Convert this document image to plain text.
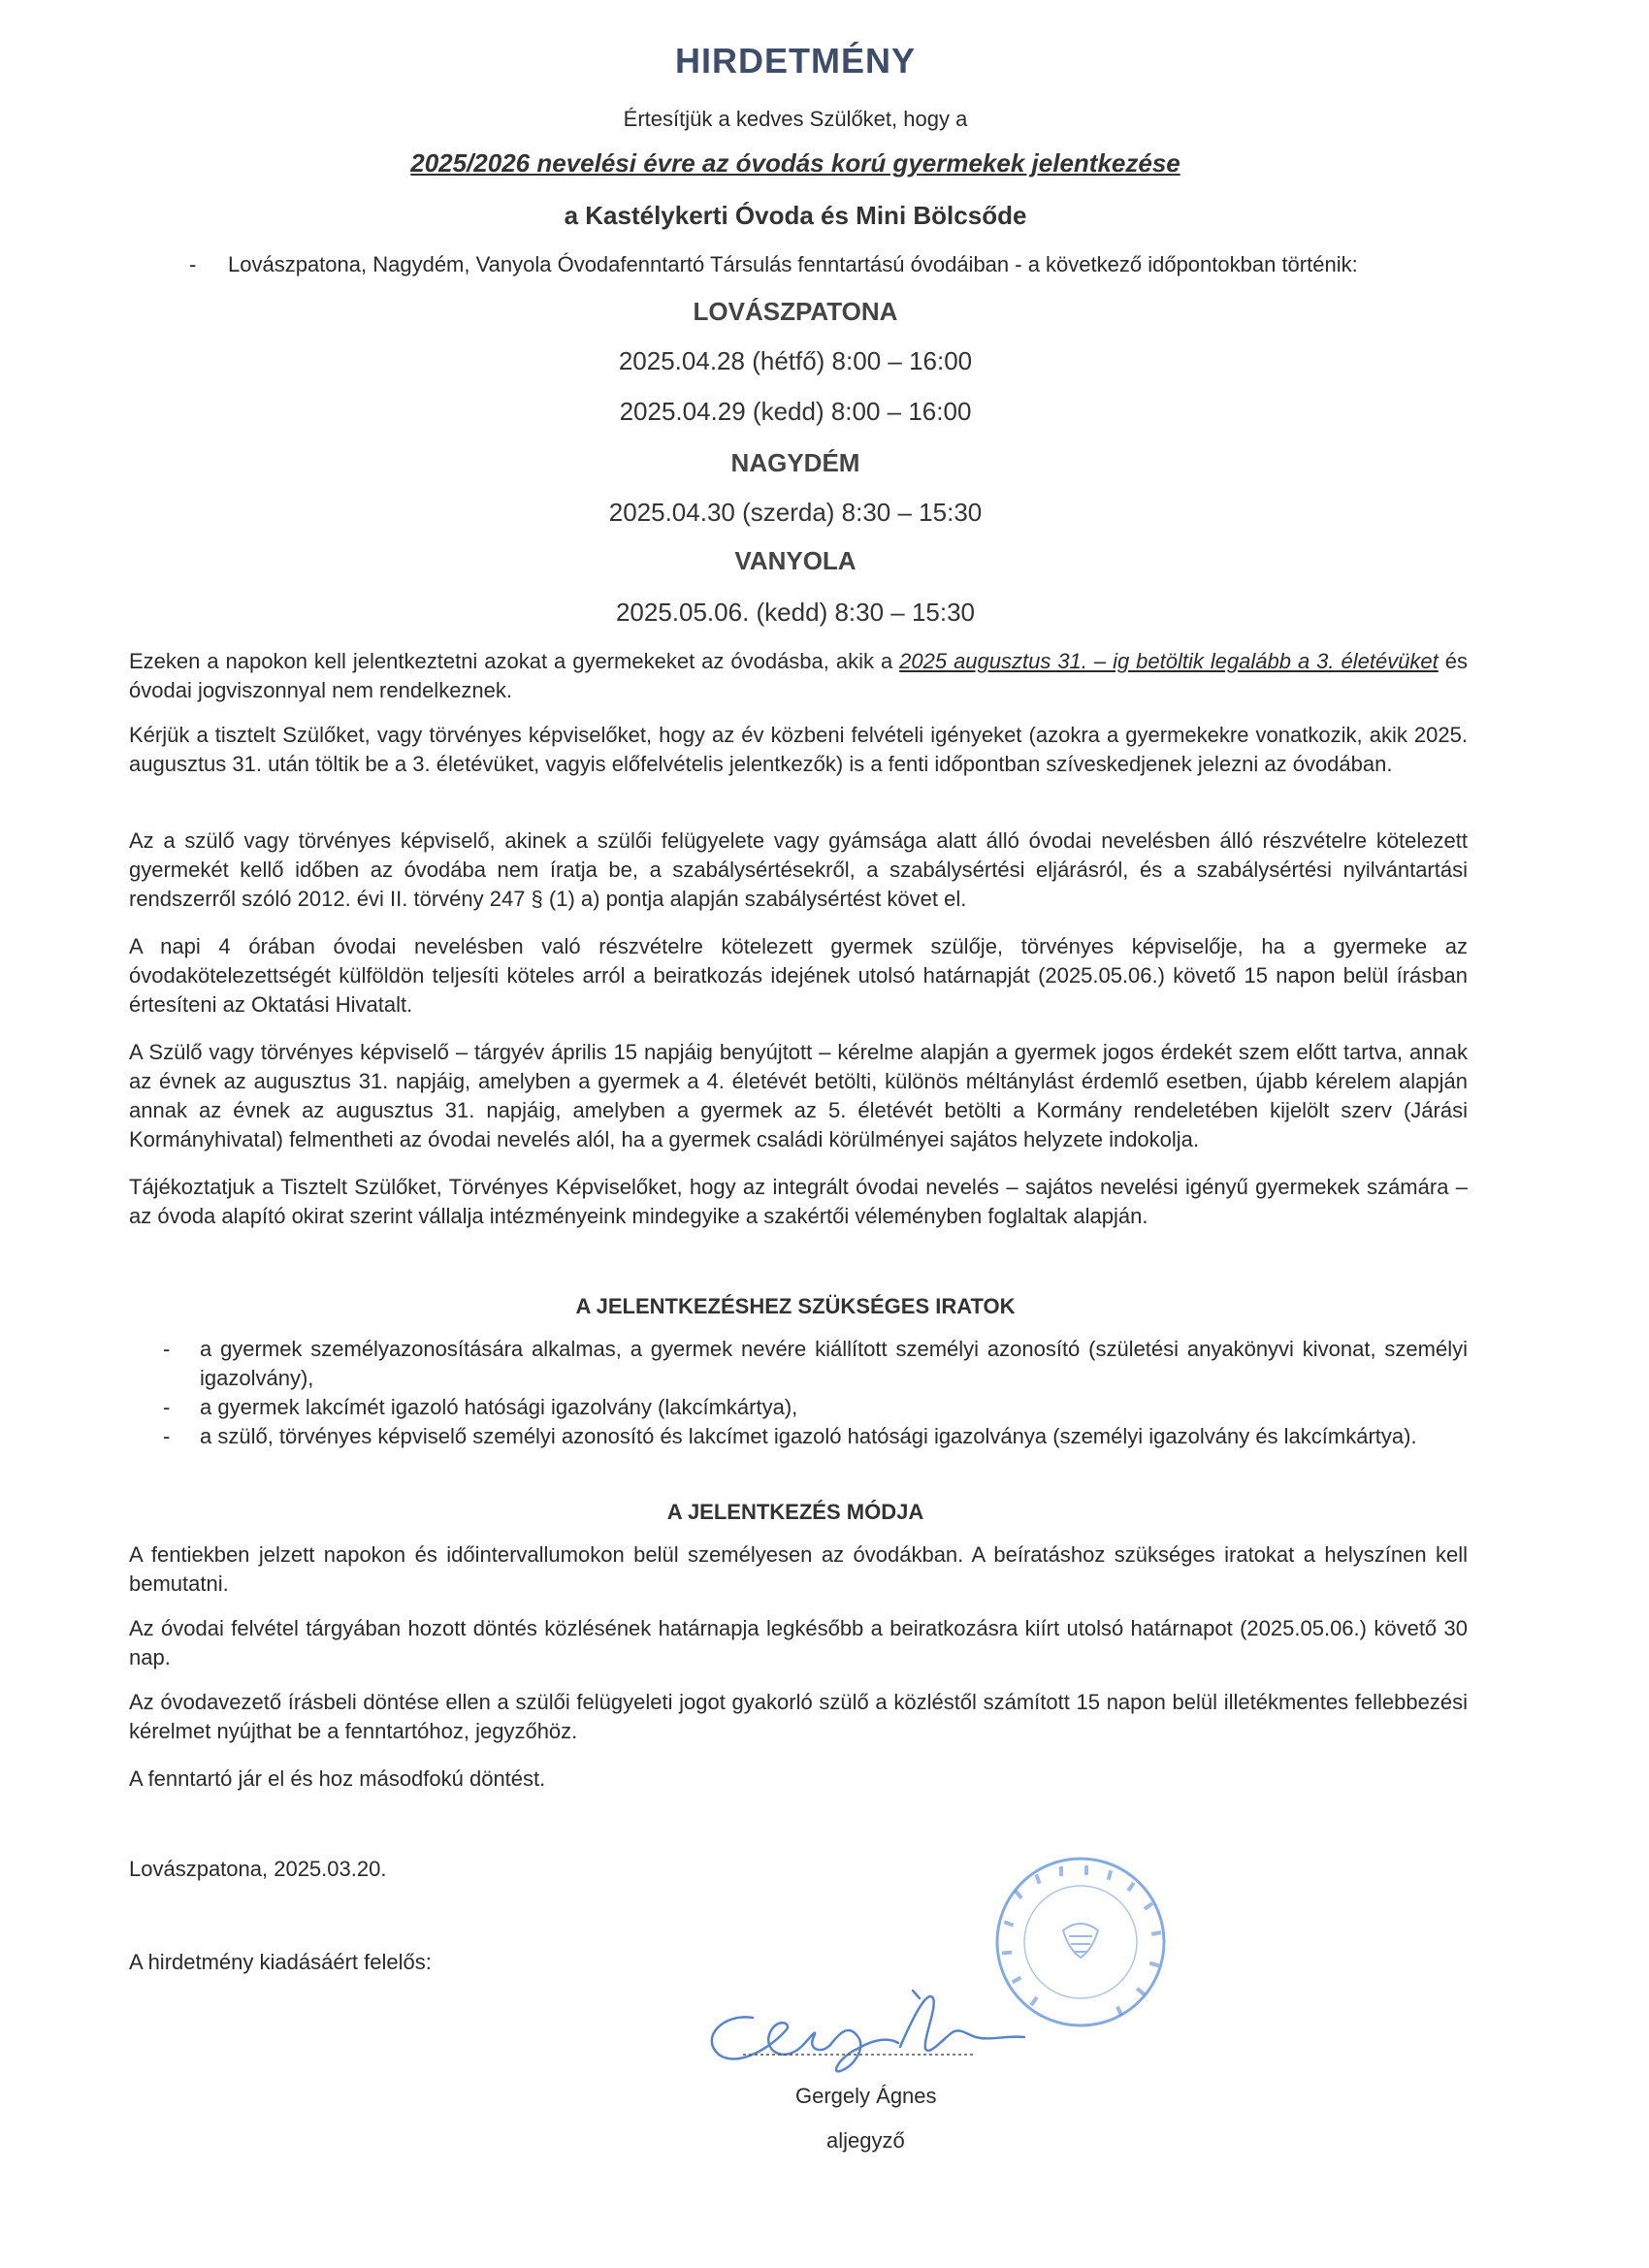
HIRDETMÉNY
Értesítjük a kedves Szülőket, hogy a
2025/2026 nevelési évre az óvodás korú gyermekek jelentkezése
a Kastélykerti Óvoda és Mini Bölcsőde
- Lovászpatona, Nagydém, Vanyola Óvodafenntartó Társulás fenntartású óvodáiban - a következő időpontokban történik:
LOVÁSZPATONA
2025.04.28 (hétfő) 8:00 – 16:00
2025.04.29 (kedd) 8:00 – 16:00
NAGYDÉM
2025.04.30 (szerda) 8:30 – 15:30
VANYOLA
2025.05.06. (kedd) 8:30 – 15:30
Ezeken a napokon kell jelentkeztetni azokat a gyermekeket az óvodásba, akik a 2025 augusztus 31. – ig betöltik legalább a 3. életévüket és óvodai jogviszonnyal nem rendelkeznek.
Kérjük a tisztelt Szülőket, vagy törvényes képviselőket, hogy az év közbeni felvételi igényeket (azokra a gyermekekre vonatkozik, akik 2025. augusztus 31. után töltik be a 3. életévüket, vagyis előfelvételis jelentkezők) is a fenti időpontban szíveskedjenek jelezni az óvodában.
Az a szülő vagy törvényes képviselő, akinek a szülői felügyelete vagy gyámsága alatt álló óvodai nevelésben álló részvételre kötelezett gyermekét kellő időben az óvodába nem íratja be, a szabálysértésekről, a szabálysértési eljárásról, és a szabálysértési nyilvántartási rendszerről szóló 2012. évi II. törvény 247 § (1) a) pontja alapján szabálysértést követ el.
A napi 4 órában óvodai nevelésben való részvételre kötelezett gyermek szülője, törvényes képviselője, ha a gyermeke az óvodakötelezettségét külföldön teljesíti köteles arról a beiratkozás idejének utolsó határnapját (2025.05.06.) követő 15 napon belül írásban értesíteni az Oktatási Hivatalt.
A Szülő vagy törvényes képviselő – tárgyév április 15 napjáig benyújtott – kérelme alapján a gyermek jogos érdekét szem előtt tartva, annak az évnek az augusztus 31. napjáig, amelyben a gyermek a 4. életévét betölti, különös méltánylást érdemlő esetben, újabb kérelem alapján annak az évnek az augusztus 31. napjáig, amelyben a gyermek az 5. életévét betölti a Kormány rendeletében kijelölt szerv (Járási Kormányhivatal) felmentheti az óvodai nevelés alól, ha a gyermek családi körülményei sajátos helyzete indokolja.
Tájékoztatjuk a Tisztelt Szülőket, Törvényes Képviselőket, hogy az integrált óvodai nevelés – sajátos nevelési igényű gyermekek számára – az óvoda alapító okirat szerint vállalja intézményeink mindegyike a szakértői véleményben foglaltak alapján.
A JELENTKEZÉSHEZ SZÜKSÉGES IRATOK
- a gyermek személyazonosítására alkalmas, a gyermek nevére kiállított személyi azonosító (születési anyakönyvi kivonat, személyi igazolvány),
- a gyermek lakcímét igazoló hatósági igazolvány (lakcímkártya),
- a szülő, törvényes képviselő személyi azonosító és lakcímet igazoló hatósági igazolványa (személyi igazolvány és lakcímkártya).
A JELENTKEZÉS MÓDJA
A fentiekben jelzett napokon és időintervallumokon belül személyesen az óvodákban. A beíratáshoz szükséges iratokat a helyszínen kell bemutatni.
Az óvodai felvétel tárgyában hozott döntés közlésének határnapja legkésőbb a beiratkozásra kiírt utolsó határnapot (2025.05.06.) követő 30 nap.
Az óvodavezető írásbeli döntése ellen a szülői felügyeleti jogot gyakorló szülő a közléstől számított 15 napon belül illetékmentes fellebbezési kérelmet nyújthat be a fenntartóhoz, jegyzőhöz.
A fenntartó jár el és hoz másodfokú döntést.
Lovászpatona, 2025.03.20.
A hirdetmény kiadásáért felelős:
Gergely Ágnes
aljegyző
